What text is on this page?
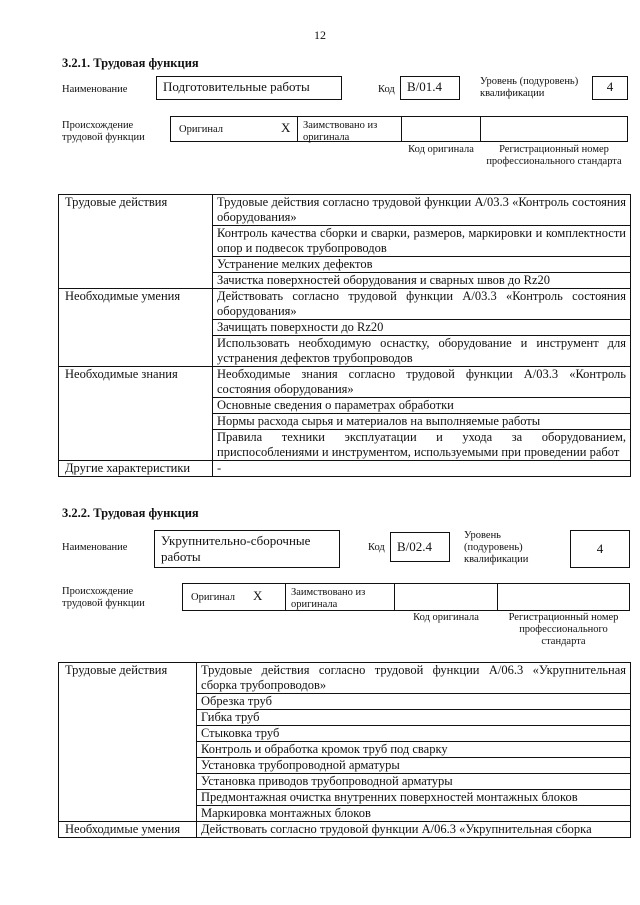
12
3.2.1. Трудовая функция
Наименование	Подготовительные работы	Код В/01.4	Уровень (подуровень) квалификации	4
Происхождение трудовой функции
Оригинал	X	Заимствовано из оригинала
Код оригинала	Регистрационный номер профессионального стандарта
Трудовые действия	Трудовые действия согласно трудовой функции А/03.3 «Контроль состояния оборудования»
	Контроль качества сборки и сварки, размеров, маркировки и комплектности опор и подвесок трубопроводов
	Устранение мелких дефектов
	Зачистка поверхностей оборудования и сварных швов до Rz20
Необходимые умения	Действовать согласно трудовой функции А/03.3 «Контроль состояния оборудования»
	Зачищать поверхности до Rz20
	Использовать необходимую оснастку, оборудование и инструмент для устранения дефектов трубопроводов
Необходимые знания	Необходимые знания согласно трудовой функции А/03.3 «Контроль состояния оборудования»
	Основные сведения о параметрах обработки
	Нормы расхода сырья и материалов на выполняемые работы
	Правила техники эксплуатации и ухода за оборудованием, приспособлениями и инструментом, используемыми при проведении работ
Другие характеристики	-
3.2.2. Трудовая функция
Наименование	Укрупнительно-сборочные работы
Код В/02.4
Уровень (подуровень) квалификации
4
Происхождение трудовой функции
Оригинал X	Заимствовано из оригинала
Код оригинала	Регистрационный номер профессионального стандарта
Трудовые действия	Трудовые действия согласно трудовой функции А/06.3 «Укрупнительная сборка трубопроводов»
	Обрезка труб
	Гибка труб
	Стыковка труб
	Контроль и обработка кромок труб под сварку
	Установка трубопроводной арматуры
	Установка приводов трубопроводной арматуры
	Предмонтажная очистка внутренних поверхностей монтажных блоков
	Маркировка монтажных блоков
Необходимые умения	Действовать согласно трудовой функции А/06.3 «Укрупнительная сборка
